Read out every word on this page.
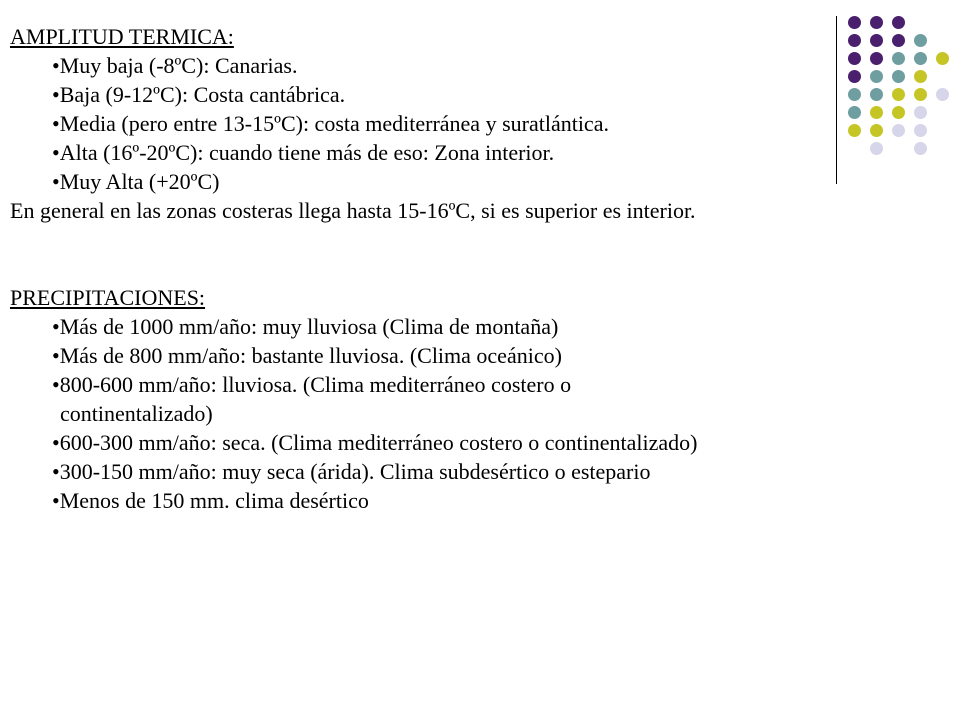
AMPLITUD TERMICA:
• Muy baja (-8ºC): Canarias.
• Baja (9-12ºC): Costa cantábrica.
• Media (pero entre 13-15ºC): costa mediterránea y suratlántica.
• Alta (16º-20ºC): cuando tiene más de eso: Zona interior.
• Muy Alta (+20ºC)
En general en las zonas costeras llega hasta 15-16ºC, si es superior es interior.
PRECIPITACIONES:
• Más de 1000 mm/año: muy lluviosa (Clima de montaña)
• Más de 800 mm/año: bastante lluviosa. (Clima oceánico)
• 800-600 mm/año: lluviosa. (Clima mediterráneo costero o
continentalizado)
• 600-300 mm/año: seca. (Clima mediterráneo costero o continentalizado)
• 300-150 mm/año: muy seca (árida). Clima subdesértico o estepario
• Menos de 150 mm. clima desértico
